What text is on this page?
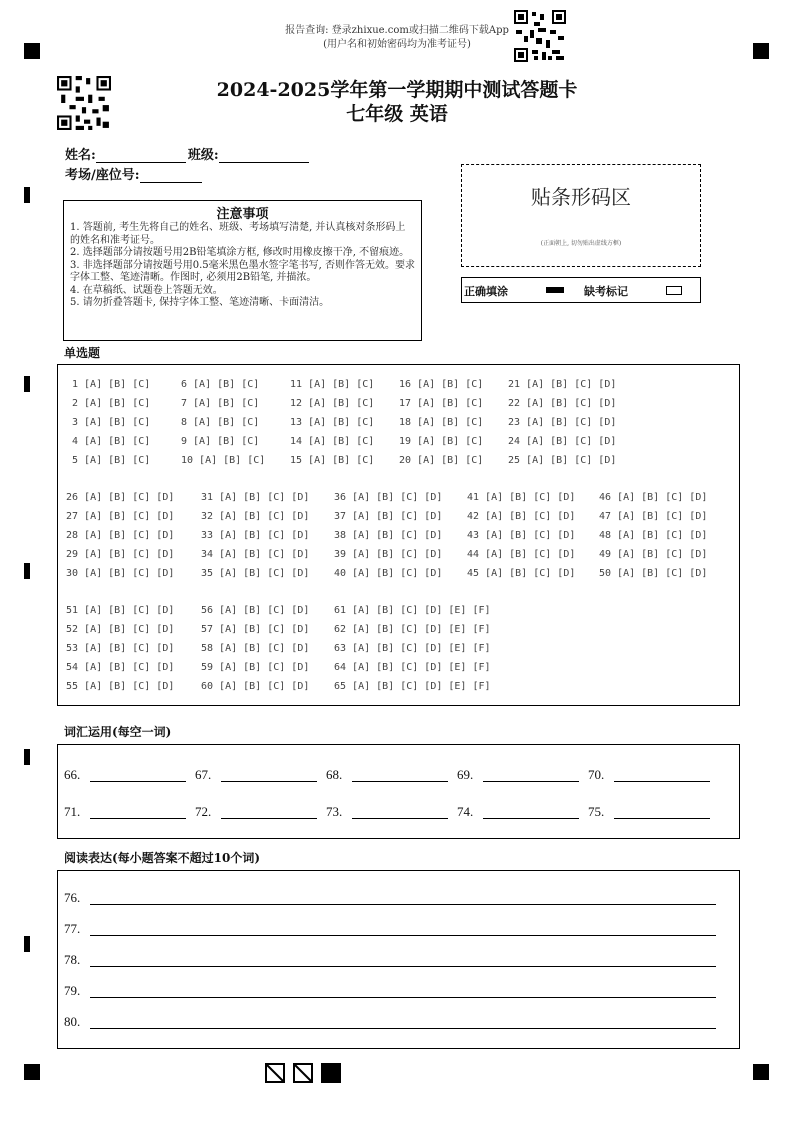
报告查询: 登录zhixue.com或扫描二维码下载App
(用户名和初始密码均为准考证号)
2024-2025学年第一学期期中测试答题卡
七年级 英语
姓名:	班级:
考场/座位号:
注意事项
1. 答题前, 考生先将自己的姓名、班级、考场填写清楚, 并认真核对条形码上的姓名和准考证号。
2. 选择题部分请按题号用2B铅笔填涂方框, 修改时用橡皮擦干净, 不留痕迹。
3. 非选择题部分请按题号用0.5毫米黑色墨水签字笔书写, 否则作答无效。要求字体工整、笔迹清晰。作图时, 必须用2B铅笔, 并描浓。
4. 在草稿纸、试题卷上答题无效。
5. 请勿折叠答题卡, 保持字体工整、笔迹清晰、卡面清洁。
贴条形码区
(正面朝上, 切勿贴出虚线方框)
正确填涂	缺考标记
单选题
1 [A] [B] [C]
2 [A] [B] [C]
3 [A] [B] [C]
4 [A] [B] [C]
5 [A] [B] [C]
6 [A] [B] [C]
7 [A] [B] [C]
8 [A] [B] [C]
9 [A] [B] [C]
10 [A] [B] [C]
11 [A] [B] [C]
12 [A] [B] [C]
13 [A] [B] [C]
14 [A] [B] [C]
15 [A] [B] [C]
16 [A] [B] [C]
17 [A] [B] [C]
18 [A] [B] [C]
19 [A] [B] [C]
20 [A] [B] [C]
21 [A] [B] [C] [D]
22 [A] [B] [C] [D]
23 [A] [B] [C] [D]
24 [A] [B] [C] [D]
25 [A] [B] [C] [D]
26 [A] [B] [C] [D]
27 [A] [B] [C] [D]
28 [A] [B] [C] [D]
29 [A] [B] [C] [D]
30 [A] [B] [C] [D]
31 [A] [B] [C] [D]
32 [A] [B] [C] [D]
33 [A] [B] [C] [D]
34 [A] [B] [C] [D]
35 [A] [B] [C] [D]
36 [A] [B] [C] [D]
37 [A] [B] [C] [D]
38 [A] [B] [C] [D]
39 [A] [B] [C] [D]
40 [A] [B] [C] [D]
41 [A] [B] [C] [D]
42 [A] [B] [C] [D]
43 [A] [B] [C] [D]
44 [A] [B] [C] [D]
45 [A] [B] [C] [D]
46 [A] [B] [C] [D]
47 [A] [B] [C] [D]
48 [A] [B] [C] [D]
49 [A] [B] [C] [D]
50 [A] [B] [C] [D]
51 [A] [B] [C] [D]
52 [A] [B] [C] [D]
53 [A] [B] [C] [D]
54 [A] [B] [C] [D]
55 [A] [B] [C] [D]
56 [A] [B] [C] [D]
57 [A] [B] [C] [D]
58 [A] [B] [C] [D]
59 [A] [B] [C] [D]
60 [A] [B] [C] [D]
61 [A] [B] [C] [D] [E] [F]
62 [A] [B] [C] [D] [E] [F]
63 [A] [B] [C] [D] [E] [F]
64 [A] [B] [C] [D] [E] [F]
65 [A] [B] [C] [D] [E] [F]
词汇运用(每空一词)
66.	67.	68.	69.	70.
71.	72.	73.	74.	75.
阅读表达(每小题答案不超过10个词)
76.
77.
78.
79.
80.
